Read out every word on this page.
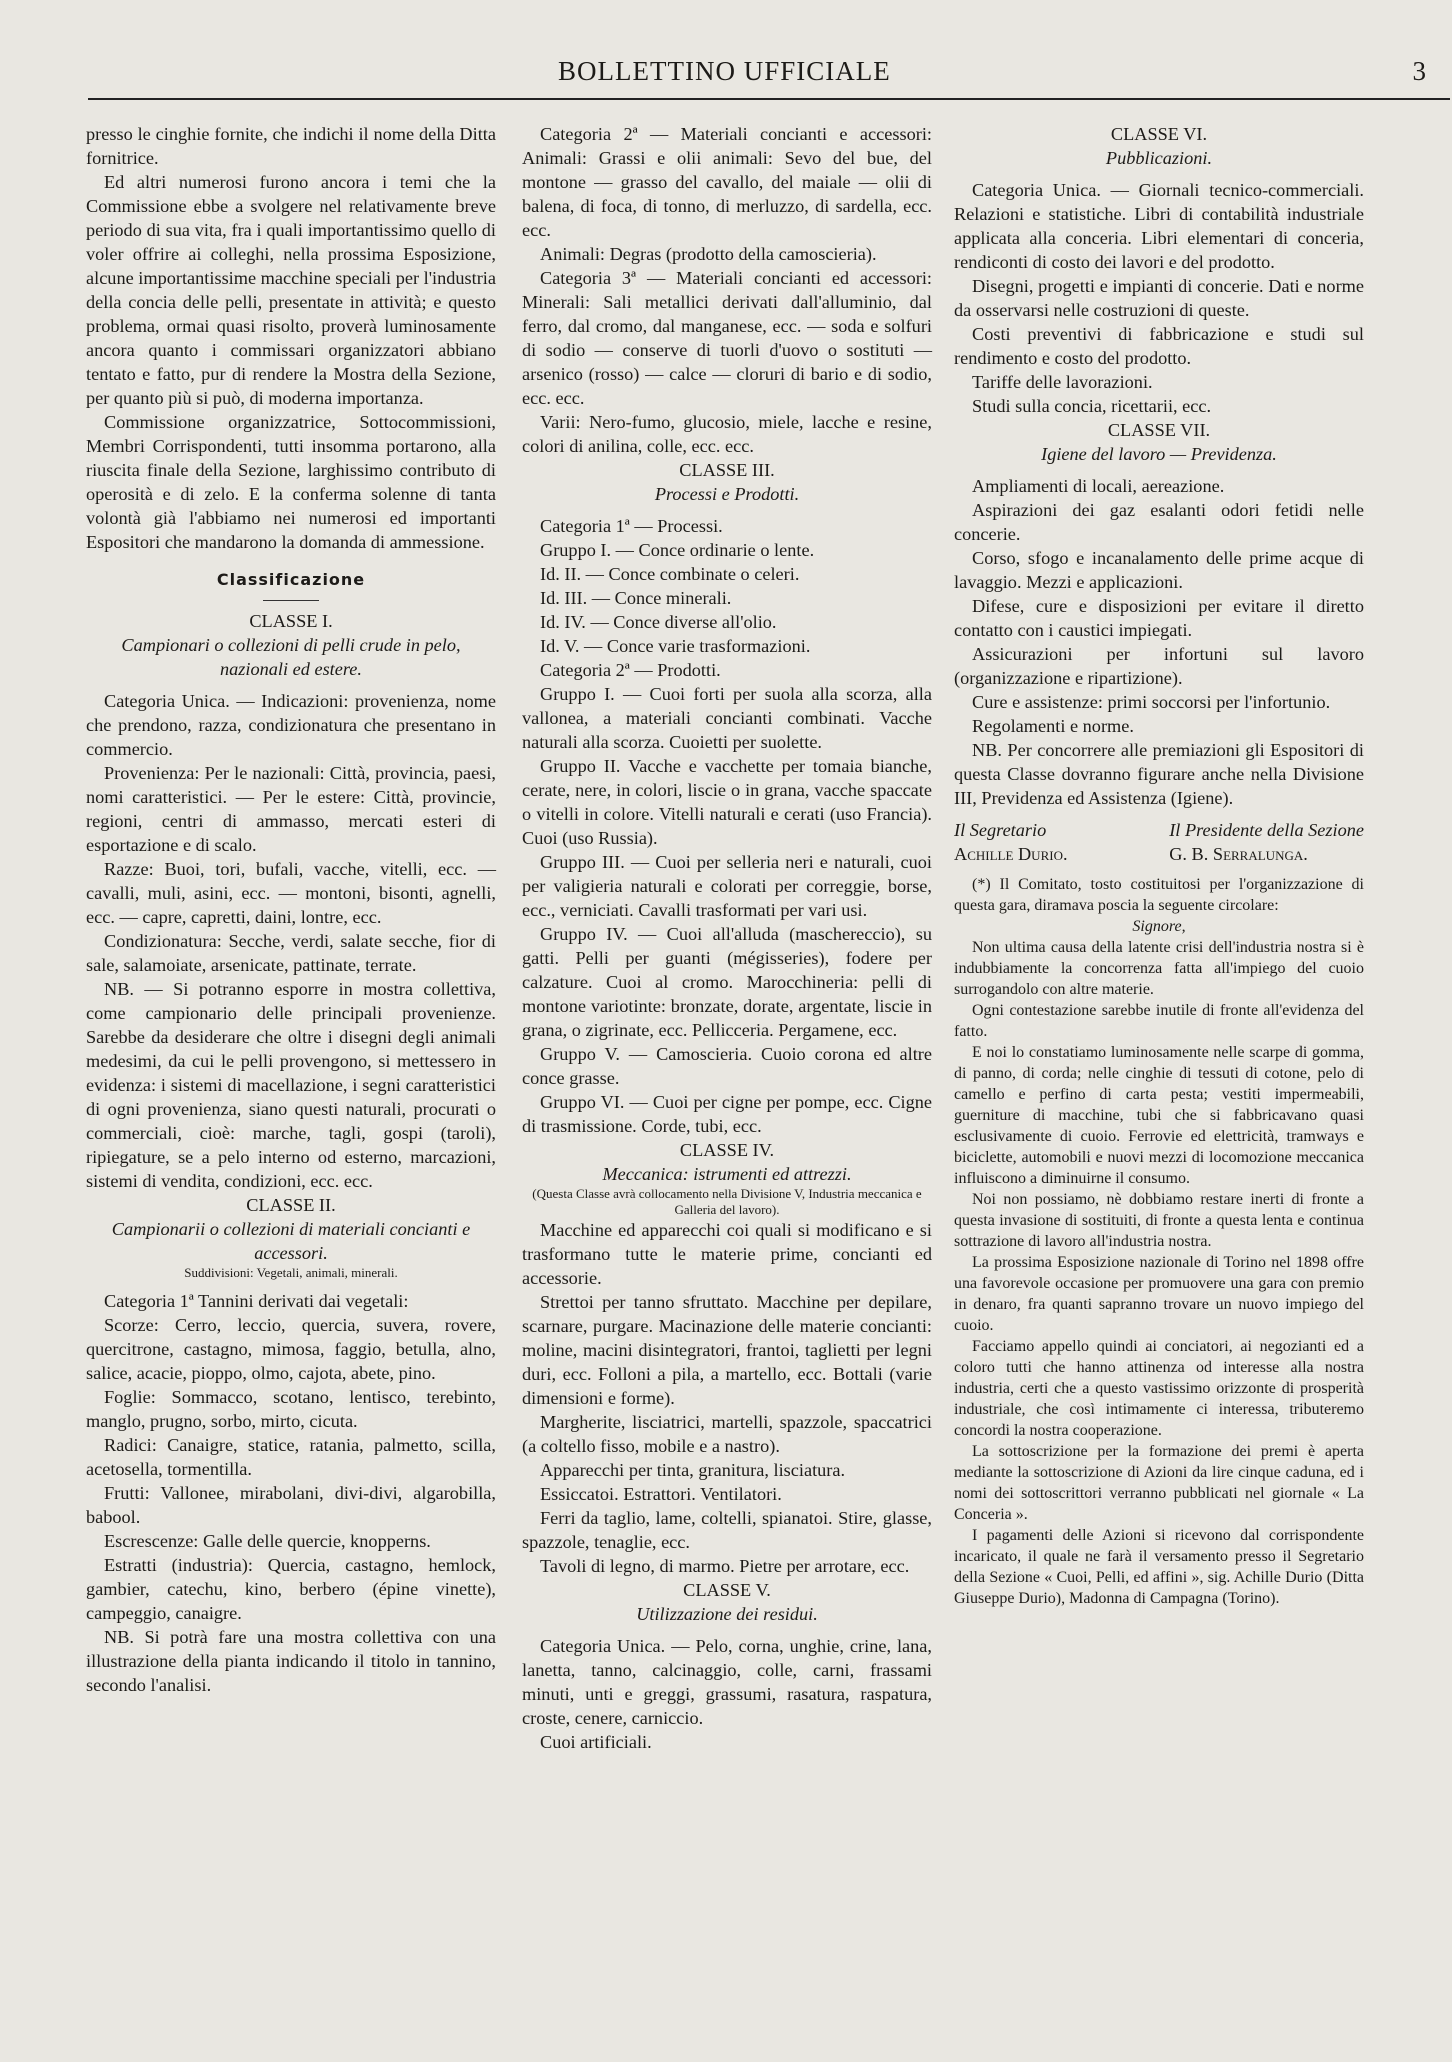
BOLLETTINO UFFICIALE	3

presso le cinghie fornite, che indichi il nome della Ditta fornitrice.

Ed altri numerosi furono ancora i temi che la Commissione ebbe a svolgere nel relativamente breve periodo di sua vita, fra i quali importantissimo quello di voler offrire ai colleghi, nella prossima Esposizione, alcune importantissime macchine speciali per l'industria della concia delle pelli, presentate in attività; e questo problema, ormai quasi risolto, proverà luminosamente ancora quanto i commissari organizzatori abbiano tentato e fatto, pur di rendere la Mostra della Sezione, per quanto più si può, di moderna importanza.

Commissione organizzatrice, Sottocommissioni, Membri Corrispondenti, tutti insomma portarono, alla riuscita finale della Sezione, larghissimo contributo di operosità e di zelo. E la conferma solenne di tanta volontà già l'abbiamo nei numerosi ed importanti Espositori che mandarono la domanda di ammessione.

Classificazione

CLASSE I.

Campionari o collezioni di pelli crude in pelo, nazionali ed estere.

Categoria Unica. — Indicazioni: provenienza, nome che prendono, razza, condizionatura che presentano in commercio.

Provenienza: Per le nazionali: Città, provincia, paesi, nomi caratteristici. — Per le estere: Città, provincie, regioni, centri di ammasso, mercati esteri di esportazione e di scalo.

Razze: Buoi, tori, bufali, vacche, vitelli, ecc. — cavalli, muli, asini, ecc. — montoni, bisonti, agnelli, ecc. — capre, capretti, daini, lontre, ecc.

Condizionatura: Secche, verdi, salate secche, fior di sale, salamoiate, arsenicate, pattinate, terrate.

NB. — Si potranno esporre in mostra collettiva, come campionario delle principali provenienze. Sarebbe da desiderare che oltre i disegni degli animali medesimi, da cui le pelli provengono, si mettessero in evidenza: i sistemi di macellazione, i segni caratteristici di ogni provenienza, siano questi naturali, procurati o commerciali, cioè: marche, tagli, gospi (taroli), ripiegature, se a pelo interno od esterno, marcazioni, sistemi di vendita, condizioni, ecc. ecc.

CLASSE II.

Campionarii o collezioni di materiali concianti e accessori.

Suddivisioni: Vegetali, animali, minerali.

Categoria 1ª Tannini derivati dai vegetali:

Scorze: Cerro, leccio, quercia, suvera, rovere, quercitrone, castagno, mimosa, faggio, betulla, alno, salice, acacie, pioppo, olmo, cajota, abete, pino.

Foglie: Sommacco, scotano, lentisco, terebinto, manglo, prugno, sorbo, mirto, cicuta.

Radici: Canaigre, statice, ratania, palmetto, scilla, acetosella, tormentilla.

Frutti: Vallonee, mirabolani, divi-divi, algarobilla, babool.

Escrescenze: Galle delle quercie, knopperns.

Estratti (industria): Quercia, castagno, hemlock, gambier, catechu, kino, berbero (épine vinette), campeggio, canaigre.

NB. Si potrà fare una mostra collettiva con una illustrazione della pianta indicando il titolo in tannino, secondo l'analisi.

Categoria 2ª — Materiali concianti e accessori: Animali: Grassi e olii animali: Sevo del bue, del montone — grasso del cavallo, del maiale — olii di balena, di foca, di tonno, di merluzzo, di sardella, ecc. ecc.

Animali: Degras (prodotto della camoscieria).

Categoria 3ª — Materiali concianti ed accessori: Minerali: Sali metallici derivati dall'alluminio, dal ferro, dal cromo, dal manganese, ecc. — soda e solfuri di sodio — conserve di tuorli d'uovo o sostituti — arsenico (rosso) — calce — cloruri di bario e di sodio, ecc. ecc.

Varii: Nero-fumo, glucosio, miele, lacche e resine, colori di anilina, colle, ecc. ecc.

CLASSE III.

Processi e Prodotti.

Categoria 1ª — Processi.

Gruppo I. — Conce ordinarie o lente.

Id. II. — Conce combinate o celeri.

Id. III. — Conce minerali.

Id. IV. — Conce diverse all'olio.

Id. V. — Conce varie trasformazioni.

Categoria 2ª — Prodotti.

Gruppo I. — Cuoi forti per suola alla scorza, alla vallonea, a materiali concianti combinati. Vacche naturali alla scorza. Cuoietti per suolette.

Gruppo II. Vacche e vacchette per tomaia bianche, cerate, nere, in colori, liscie o in grana, vacche spaccate o vitelli in colore. Vitelli naturali e cerati (uso Francia). Cuoi (uso Russia).

Gruppo III. — Cuoi per selleria neri e naturali, cuoi per valigieria naturali e colorati per correggie, borse, ecc., verniciati. Cavalli trasformati per vari usi.

Gruppo IV. — Cuoi all'alluda (maschereccio), su gatti. Pelli per guanti (mégisseries), fodere per calzature. Cuoi al cromo. Marocchineria: pelli di montone variotinte: bronzate, dorate, argentate, liscie in grana, o zigrinate, ecc. Pellicceria. Pergamene, ecc.

Gruppo V. — Camoscieria. Cuoio corona ed altre conce grasse.

Gruppo VI. — Cuoi per cigne per pompe, ecc. Cigne di trasmissione. Corde, tubi, ecc.

CLASSE IV.

Meccanica: istrumenti ed attrezzi.

(Questa Classe avrà collocamento nella Divisione V, Industria meccanica e Galleria del lavoro).

Macchine ed apparecchi coi quali si modificano e si trasformano tutte le materie prime, concianti ed accessorie.

Strettoi per tanno sfruttato. Macchine per depilare, scarnare, purgare. Macinazione delle materie concianti: moline, macini disintegratori, frantoi, taglietti per legni duri, ecc. Folloni a pila, a martello, ecc. Bottali (varie dimensioni e forme).

Margherite, lisciatrici, martelli, spazzole, spaccatrici (a coltello fisso, mobile e a nastro).

Apparecchi per tinta, granitura, lisciatura.

Essiccatoi. Estrattori. Ventilatori.

Ferri da taglio, lame, coltelli, spianatoi. Stire, glasse, spazzole, tenaglie, ecc.

Tavoli di legno, di marmo. Pietre per arrotare, ecc.

CLASSE V.

Utilizzazione dei residui.

Categoria Unica. — Pelo, corna, unghie, crine, lana, lanetta, tanno, calcinaggio, colle, carni, frassami minuti, unti e greggi, grassumi, rasatura, raspatura, croste, cenere, carniccio.

Cuoi artificiali.

CLASSE VI.

Pubblicazioni.

Categoria Unica. — Giornali tecnico-commerciali. Relazioni e statistiche. Libri di contabilità industriale applicata alla conceria. Libri elementari di conceria, rendiconti di costo dei lavori e del prodotto.

Disegni, progetti e impianti di concerie. Dati e norme da osservarsi nelle costruzioni di queste.

Costi preventivi di fabbricazione e studi sul rendimento e costo del prodotto.

Tariffe delle lavorazioni.

Studi sulla concia, ricettarii, ecc.

CLASSE VII.

Igiene del lavoro — Previdenza.

Ampliamenti di locali, aereazione.

Aspirazioni dei gaz esalanti odori fetidi nelle concerie.

Corso, sfogo e incanalamento delle prime acque di lavaggio. Mezzi e applicazioni.

Difese, cure e disposizioni per evitare il diretto contatto con i caustici impiegati.

Assicurazioni per infortuni sul lavoro (organizzazione e ripartizione).

Cure e assistenze: primi soccorsi per l'infortunio.

Regolamenti e norme.

NB. Per concorrere alle premiazioni gli Espositori di questa Classe dovranno figurare anche nella Divisione III, Previdenza ed Assistenza (Igiene).

Il Segretario
Achille Durio.
Il Presidente della Sezione
G. B. Serralunga.

(*) Il Comitato, tosto costituitosi per l'organizzazione di questa gara, diramava poscia la seguente circolare:

Signore,

Non ultima causa della latente crisi dell'industria nostra si è indubbiamente la concorrenza fatta all'impiego del cuoio surrogandolo con altre materie.

Ogni contestazione sarebbe inutile di fronte all'evidenza del fatto.

E noi lo constatiamo luminosamente nelle scarpe di gomma, di panno, di corda; nelle cinghie di tessuti di cotone, pelo di camello e perfino di carta pesta; vestiti impermeabili, guerniture di macchine, tubi che si fabbricavano quasi esclusivamente di cuoio. Ferrovie ed elettricità, tramways e biciclette, automobili e nuovi mezzi di locomozione meccanica influiscono a diminuirne il consumo.

Noi non possiamo, nè dobbiamo restare inerti di fronte a questa invasione di sostituiti, di fronte a questa lenta e continua sottrazione di lavoro all'industria nostra.

La prossima Esposizione nazionale di Torino nel 1898 offre una favorevole occasione per promuovere una gara con premio in denaro, fra quanti sapranno trovare un nuovo impiego del cuoio.

Facciamo appello quindi ai conciatori, ai negozianti ed a coloro tutti che hanno attinenza od interesse alla nostra industria, certi che a questo vastissimo orizzonte di prosperità industriale, che così intimamente ci interessa, tributeremo concordi la nostra cooperazione.

La sottoscrizione per la formazione dei premi è aperta mediante la sottoscrizione di Azioni da lire cinque caduna, ed i nomi dei sottoscrittori verranno pubblicati nel giornale « La Conceria ».

I pagamenti delle Azioni si ricevono dal corrispondente incaricato, il quale ne farà il versamento presso il Segretario della Sezione « Cuoi, Pelli, ed affini », sig. Achille Durio (Ditta Giuseppe Durio), Madonna di Campagna (Torino).
